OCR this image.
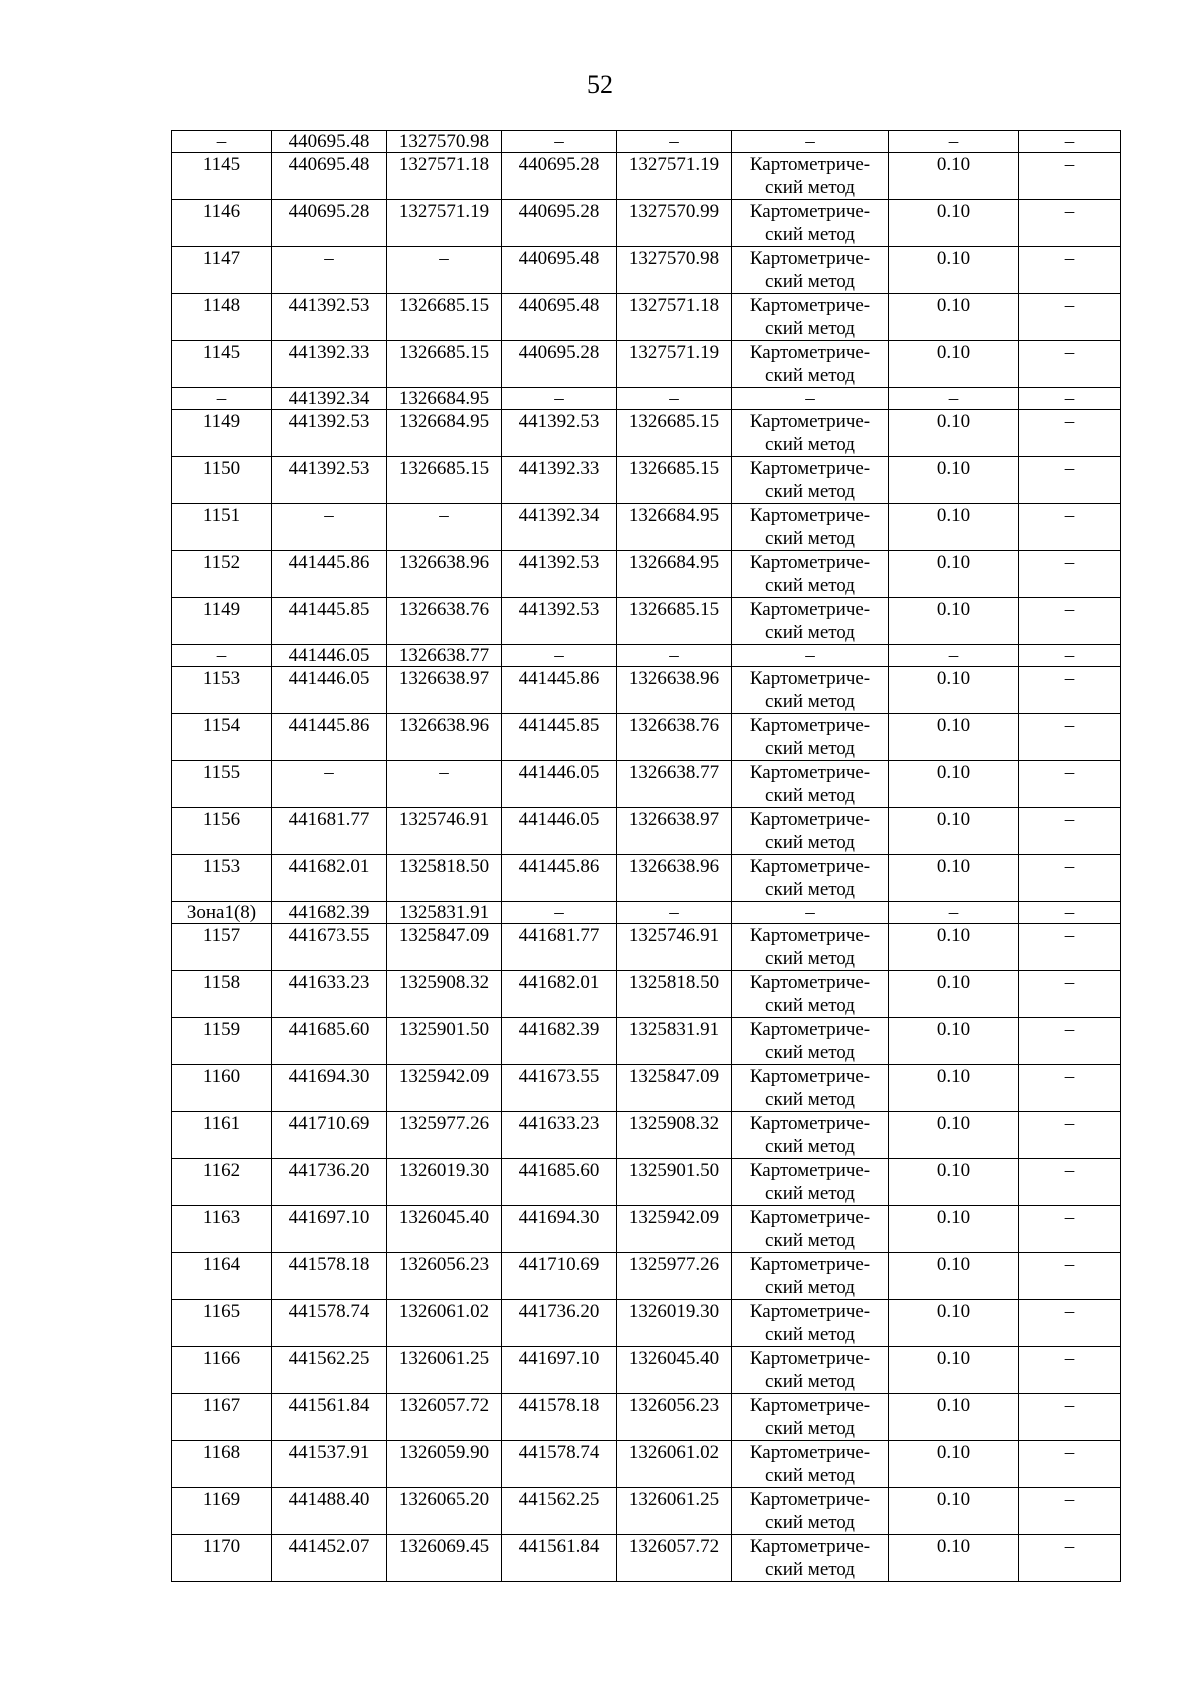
52
–	440695.48	1327570.98	–	–	–	–	–
1145	440695.48	1327571.18	440695.28	1327571.19	Картометриче-
ский метод	0.10	–
1146	440695.28	1327571.19	440695.28	1327570.99	Картометриче-
ский метод	0.10	–
1147	–	–	440695.48	1327570.98	Картометриче-
ский метод	0.10	–
1148	441392.53	1326685.15	440695.48	1327571.18	Картометриче-
ский метод	0.10	–
1145	441392.33	1326685.15	440695.28	1327571.19	Картометриче-
ский метод	0.10	–
–	441392.34	1326684.95	–	–	–	–	–
1149	441392.53	1326684.95	441392.53	1326685.15	Картометриче-
ский метод	0.10	–
1150	441392.53	1326685.15	441392.33	1326685.15	Картометриче-
ский метод	0.10	–
1151	–	–	441392.34	1326684.95	Картометриче-
ский метод	0.10	–
1152	441445.86	1326638.96	441392.53	1326684.95	Картометриче-
ский метод	0.10	–
1149	441445.85	1326638.76	441392.53	1326685.15	Картометриче-
ский метод	0.10	–
–	441446.05	1326638.77	–	–	–	–	–
1153	441446.05	1326638.97	441445.86	1326638.96	Картометриче-
ский метод	0.10	–
1154	441445.86	1326638.96	441445.85	1326638.76	Картометриче-
ский метод	0.10	–
1155	–	–	441446.05	1326638.77	Картометриче-
ский метод	0.10	–
1156	441681.77	1325746.91	441446.05	1326638.97	Картометриче-
ский метод	0.10	–
1153	441682.01	1325818.50	441445.86	1326638.96	Картометриче-
ский метод	0.10	–
Зона1(8)	441682.39	1325831.91	–	–	–	–	–
1157	441673.55	1325847.09	441681.77	1325746.91	Картометриче-
ский метод	0.10	–
1158	441633.23	1325908.32	441682.01	1325818.50	Картометриче-
ский метод	0.10	–
1159	441685.60	1325901.50	441682.39	1325831.91	Картометриче-
ский метод	0.10	–
1160	441694.30	1325942.09	441673.55	1325847.09	Картометриче-
ский метод	0.10	–
1161	441710.69	1325977.26	441633.23	1325908.32	Картометриче-
ский метод	0.10	–
1162	441736.20	1326019.30	441685.60	1325901.50	Картометриче-
ский метод	0.10	–
1163	441697.10	1326045.40	441694.30	1325942.09	Картометриче-
ский метод	0.10	–
1164	441578.18	1326056.23	441710.69	1325977.26	Картометриче-
ский метод	0.10	–
1165	441578.74	1326061.02	441736.20	1326019.30	Картометриче-
ский метод	0.10	–
1166	441562.25	1326061.25	441697.10	1326045.40	Картометриче-
ский метод	0.10	–
1167	441561.84	1326057.72	441578.18	1326056.23	Картометриче-
ский метод	0.10	–
1168	441537.91	1326059.90	441578.74	1326061.02	Картометриче-
ский метод	0.10	–
1169	441488.40	1326065.20	441562.25	1326061.25	Картометриче-
ский метод	0.10	–
1170	441452.07	1326069.45	441561.84	1326057.72	Картометриче-
ский метод	0.10	–
